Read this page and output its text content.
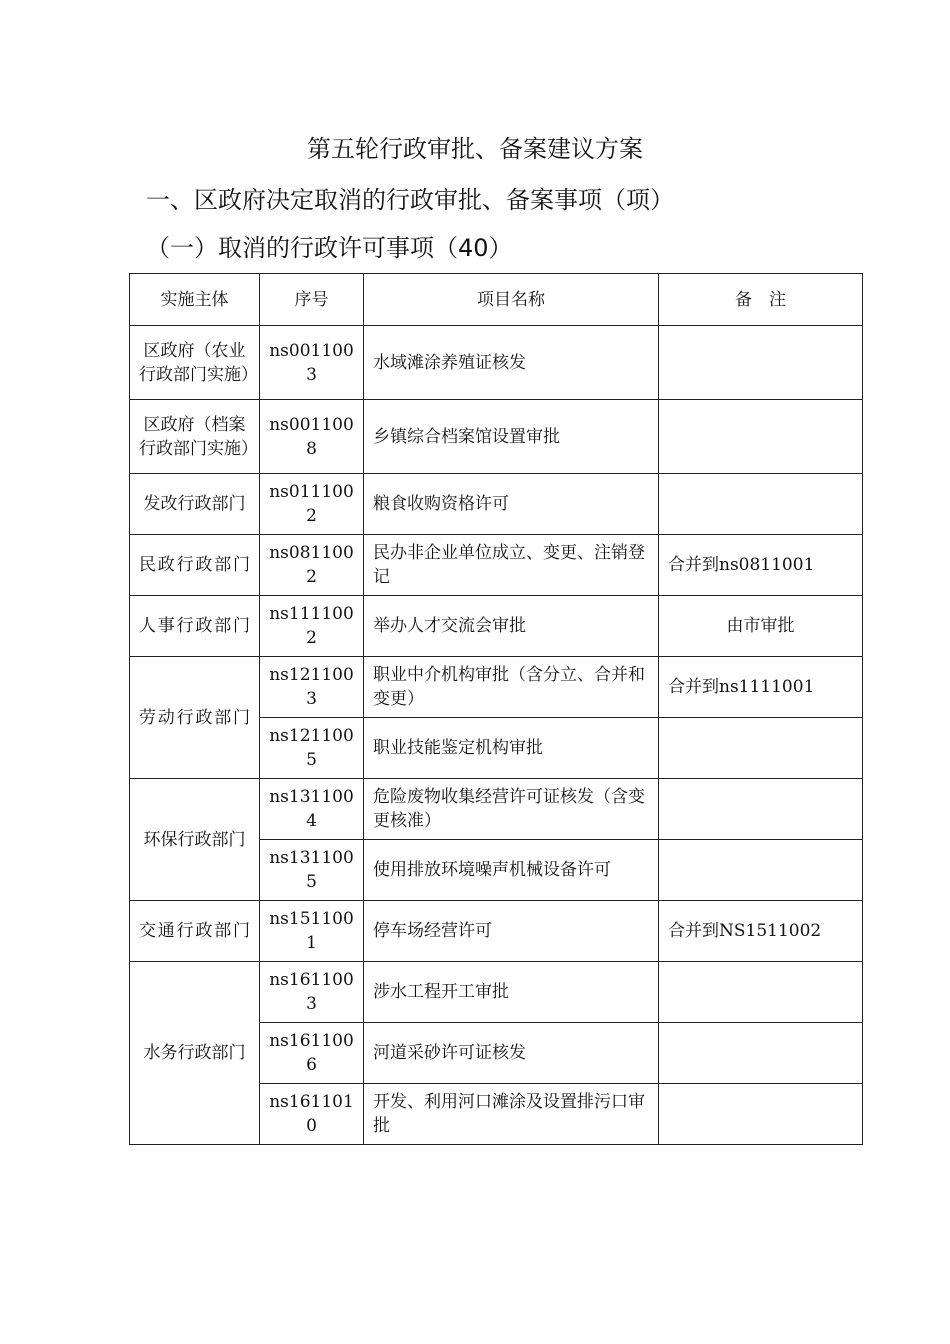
第五轮行政审批、备案建议方案
一、区政府决定取消的行政审批、备案事项（项）
（一）取消的行政许可事项（40）
实施主体	序号	项目名称	备　注
区政府（农业行政部门实施）	ns0011003	水域滩涂养殖证核发	
区政府（档案行政部门实施）	ns0011008	乡镇综合档案馆设置审批	
发改行政部门	ns0111002	粮食收购资格许可	
民政行政部门	ns0811002	民办非企业单位成立、变更、注销登记	合并到ns0811001
人事行政部门	ns1111002	举办人才交流会审批	由市审批
劳动行政部门	ns1211003	职业中介机构审批（含分立、合并和变更）	合并到ns1111001
	ns1211005	职业技能鉴定机构审批	
环保行政部门	ns1311004	危险废物收集经营许可证核发（含变更核准）	
	ns1311005	使用排放环境噪声机械设备许可	
交通行政部门	ns1511001	停车场经营许可	合并到NS1511002
水务行政部门	ns1611003	涉水工程开工审批	
	ns1611006	河道采砂许可证核发	
	ns1611010	开发、利用河口滩涂及设置排污口审批	
